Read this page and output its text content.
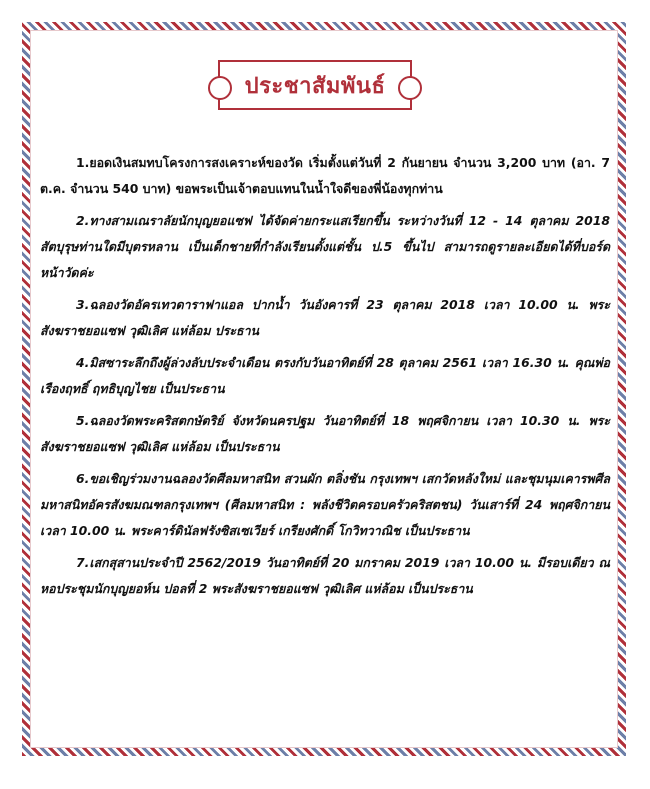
ประชาสัมพันธ์
1.ยอดเงินสมทบโครงการสงเคราะห์ของวัด เริ่มตั้งแต่วันที่ 2 กันยายน จำนวน 3,200 บาท (อา. 7 ต.ค. จำนวน 540 บาท) ขอพระเป็นเจ้าตอบแทนในน้ำใจดีของพี่น้องทุกท่าน
2.ทางสามเณราลัยนักบุญยอแซฟ ได้จัดค่ายกระแสเรียกขึ้น ระหว่างวันที่ 12 - 14 ตุลาคม 2018 สัตบุรุษท่านใดมีบุตรหลาน เป็นเด็กชายที่กำลังเรียนตั้งแต่ชั้น ป.5 ขึ้นไป สามารถดูรายละเอียดได้ที่บอร์ดหน้าวัดค่ะ
3.ฉลองวัดอัครเทวดาราฟาแอล ปากน้ำ วันอังคารที่ 23 ตุลาคม 2018 เวลา 10.00 น. พระสังฆราชยอแซฟ วุฒิเลิศ แห่ล้อม ประธาน
4.มิสซาระลึกถึงผู้ล่วงลับประจำเดือน ตรงกับวันอาทิตย์ที่ 28 ตุลาคม 2561 เวลา 16.30 น. คุณพ่อเรืองฤทธิ์ ฤทธิบุญไชย เป็นประธาน
5.ฉลองวัดพระคริสตกษัตริย์ จังหวัดนครปฐม วันอาทิตย์ที่ 18 พฤศจิกายน เวลา 10.30 น. พระสังฆราชยอแซฟ วุฒิเลิศ แห่ล้อม เป็นประธาน
6.ขอเชิญร่วมงานฉลองวัดศีลมหาสนิท สวนผัก ตลิ่งชัน กรุงเทพฯ เสกวัดหลังใหม่ และชุมนุมเคารพศีลมหาสนิทอัครสังฆมณฑลกรุงเทพฯ (ศีลมหาสนิท : พลังชีวิตครอบครัวคริสตชน) วันเสาร์ที่ 24 พฤศจิกายน เวลา 10.00 น. พระคาร์ดินัลฟรังซิสเซเวียร์ เกรียงศักดิ์ โกวิทวาณิช เป็นประธาน
7.เสกสุสานประจำปี 2562/2019 วันอาทิตย์ที่ 20 มกราคม 2019 เวลา 10.00 น. มีรอบเดียว ณ หอประชุมนักบุญยอห์น ปอลที่ 2 พระสังฆราชยอแซฟ วุฒิเลิศ แห่ล้อม เป็นประธาน
